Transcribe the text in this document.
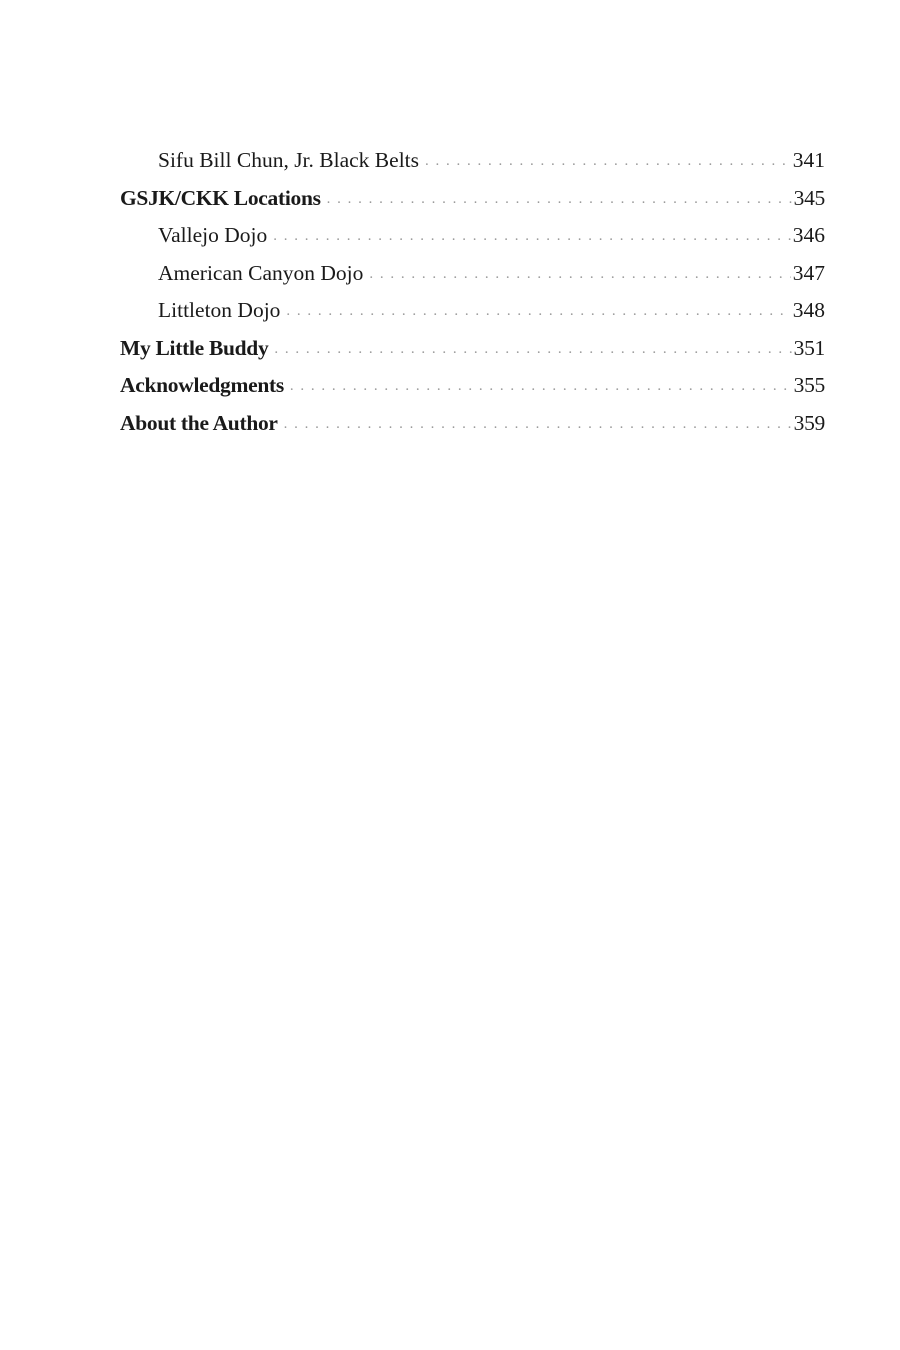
Sifu Bill Chun, Jr. Black Belts . . .	341
GSJK/CKK Locations . . .	345
Vallejo Dojo . . .	346
American Canyon Dojo . . .	347
Littleton Dojo . . .	348
My Little Buddy . . .	351
Acknowledgments . . .	355
About the Author . . .	359
